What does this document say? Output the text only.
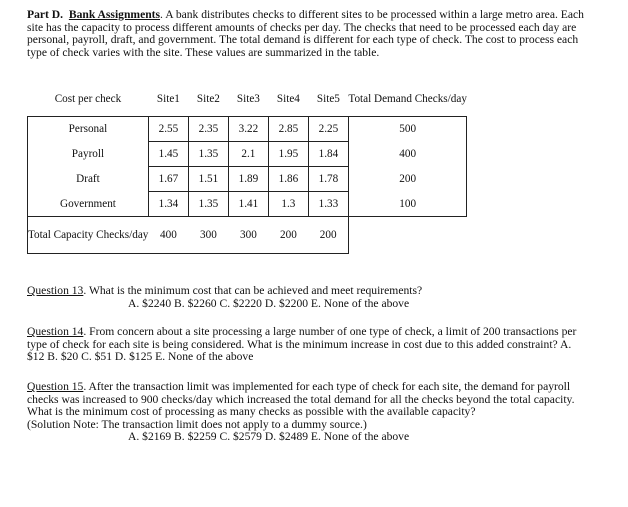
Part D. Bank Assignments. A bank distributes checks to different sites to be processed within a large metro area. Each site has the capacity to process different amounts of checks per day. The checks that need to be processed each day are personal, payroll, draft, and government. The total demand is different for each type of check. The cost to process each type of check varies with the site. These values are summarized in the table.

Cost per check	Site1	Site2	Site3	Site4	Site5	Total Demand Checks/day
Personal	2.55	2.35	3.22	2.85	2.25	500
Payroll	1.45	1.35	2.1	1.95	1.84	400
Draft	1.67	1.51	1.89	1.86	1.78	200
Government	1.34	1.35	1.41	1.3	1.33	100
Total Capacity Checks/day	400	300	300	200	200	

Question 13. What is the minimum cost that can be achieved and meet requirements?

A. $2240 B. $2260 C. $2220 D. $2200 E. None of the above

Question 14. From concern about a site processing a large number of one type of check, a limit of 200 transactions per type of check for each site is being considered. What is the minimum increase in cost due to this added constraint? A. $12 B. $20 C. $51 D. $125 E. None of the above

Question 15. After the transaction limit was implemented for each type of check for each site, the demand for payroll checks was increased to 900 checks/day which increased the total demand for all the checks beyond the total capacity. What is the minimum cost of processing as many checks as possible with the available capacity?

(Solution Note: The transaction limit does not apply to a dummy source.)

A. $2169 B. $2259 C. $2579 D. $2489 E. None of the above
